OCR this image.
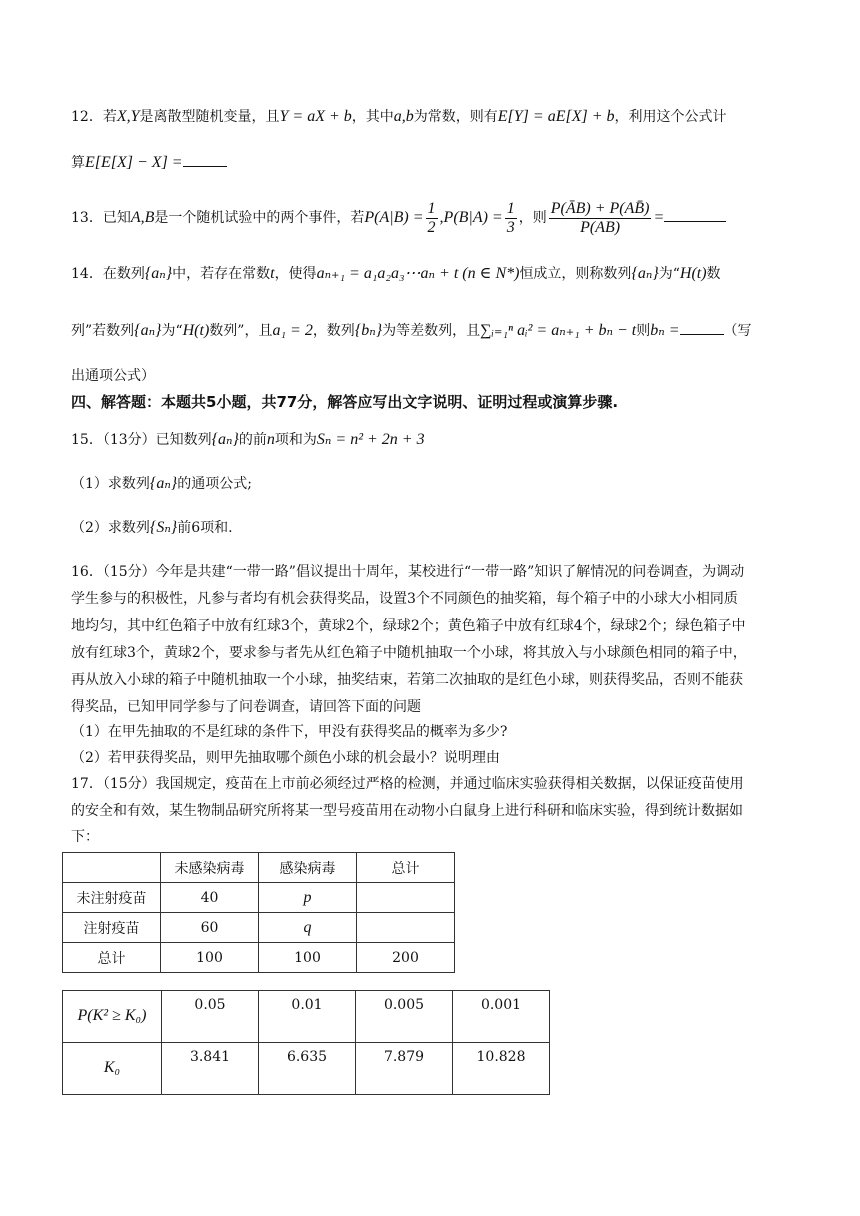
12．若X,Y是离散型随机变量，且Y = aX + b，其中a,b为常数，则有E[Y] = aE[X] + b，利用这个公式计
算E[E[X] − X] =
13．已知A,B是一个随机试验中的两个事件，若$P(A|B) = \frac{1}{2} ,P(B|A) = \frac{1}{3}$ ，则 $\frac{P(ĀB) + P(AB̄)}{P(AB)}$ =
14．在数列{aₙ}中，若存在常数t，使得aₙ₊₁ = a₁a₂a₃⋯aₙ + t (n ∈ N*)恒成立，则称数列{aₙ}为“H(t)数
列”若数列{aₙ}为“H(t)数列”，且a₁ = 2，数列{bₙ}为等差数列，且∑ᵢ₌₁ⁿ aᵢ² = aₙ₊₁ + bₙ − t则bₙ =	（写
出通项公式）
四、解答题：本题共5小题，共77分，解答应写出文字说明、证明过程或演算步骤.
15．（13分）已知数列{aₙ}的前n项和为Sₙ = n² + 2n + 3
（1）求数列{aₙ}的通项公式;
（2）求数列{Sₙ}前6项和.
16．（15分）今年是共建“一带一路”倡议提出十周年，某校进行“一带一路”知识了解情况的问卷调查，为调动
学生参与的积极性，凡参与者均有机会获得奖品，设置3个不同颜色的抽奖箱，每个箱子中的小球大小相同质
地均匀，其中红色箱子中放有红球3个，黄球2个，绿球2个；黄色箱子中放有红球4个，绿球2个；绿色箱子中
放有红球3个，黄球2个，要求参与者先从红色箱子中随机抽取一个小球，将其放入与小球颜色相同的箱子中，
再从放入小球的箱子中随机抽取一个小球，抽奖结束，若第二次抽取的是红色小球，则获得奖品，否则不能获
得奖品，已知甲同学参与了问卷调查，请回答下面的问题
（1）在甲先抽取的不是红球的条件下，甲没有获得奖品的概率为多少?
（2）若甲获得奖品，则甲先抽取哪个颜色小球的机会最小？说明理由
17．（15分）我国规定，疫苗在上市前必须经过严格的检测，并通过临床实验获得相关数据，以保证疫苗使用
的安全和有效，某生物制品研究所将某一型号疫苗用在动物小白鼠身上进行科研和临床实验，得到统计数据如
下：
	未感染病毒	感染病毒	总计
未注射疫苗	40	p	
注射疫苗	60	q	
总计	100	100	200
P(K² ≥ K₀)	0.05	0.01	0.005	0.001
K₀	3.841	6.635	7.879	10.828
